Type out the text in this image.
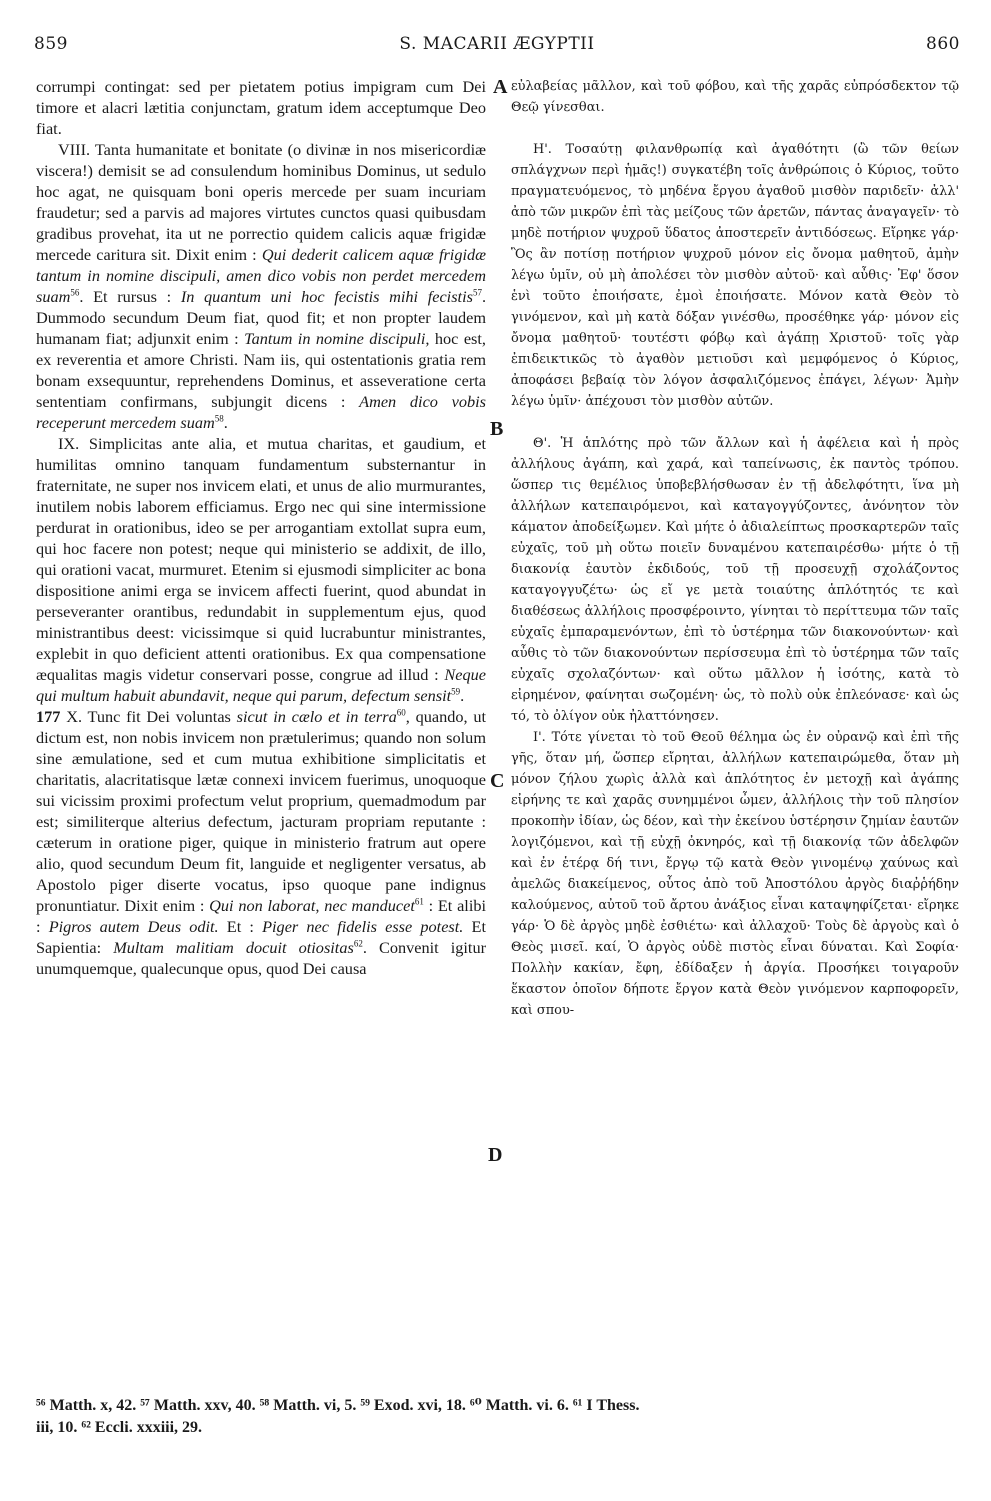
859	S. MACARII ÆGYPTII	860

corrumpi contingat: sed per pietatem potius impigram cum Dei timore et alacri lætitia conjunctam, gratum idem acceptumque Deo fiat.

VIII. Tanta humanitate et bonitate (o divinæ in nos misericordiæ viscera!) demisit se ad consulendum hominibus Dominus, ut sedulo hoc agat, ne quisquam boni operis mercede per suam incuriam fraudetur; sed a parvis ad majores virtutes cunctos quasi quibusdam gradibus provehat, ita ut ne porrectio quidem calicis aquæ frigidæ mercede caritura sit. Dixit enim : Qui dederit calicem aquæ frigidæ tantum in nomine discipuli, amen dico vobis non perdet mercedem suam$^{56}$. Et rursus : In quantum uni hoc fecistis mihi fecistis$^{57}$. Dummodo secundum Deum fiat, quod fit; et non propter laudem humanam fiat; adjunxit enim : Tantum in nomine discipuli, hoc est, ex reverentia et amore Christi. Nam iis, qui ostentationis gratia rem bonam exsequuntur, reprehendens Dominus, et asseveratione certa sententiam confirmans, subjungit dicens : Amen dico vobis receperunt mercedem suam$^{58}$.

IX. Simplicitas ante alia, et mutua charitas, et gaudium, et humilitas omnino tanquam fundamentum substernantur in fraternitate, ne super nos invicem elati, et unus de alio murmurantes, inutilem nobis laborem efficiamus. Ergo nec qui sine intermissione perdurat in orationibus, ideo se per arrogantiam extollat supra eum, qui hoc facere non potest; neque qui ministerio se addixit, de illo, qui orationi vacat, murmuret. Etenim si ejusmodi simpliciter ac bona dispositione animi erga se invicem affecti fuerint, quod abundat in perseveranter orantibus, redundabit in supplementum ejus, quod ministrantibus deest: vicissimque si quid lucrabuntur ministrantes, explebit in quo deficient attenti orationibus. Ex qua compensatione æqualitas magis videtur conservari posse, congrue ad illud : Neque qui multum habuit abundavit, neque qui parum, defectum sensit$^{59}$.

177 X. Tunc fit Dei voluntas sicut in cælo et in terra$^{60}$, quando, ut dictum est, non nobis invicem non prætulerimus; quando non solum sine æmulatione, sed et cum mutua exhibitione simplicitatis et charitatis, alacritatisque lætæ connexi invicem fuerimus, unoquoque sui vicissim proximi profectum velut proprium, quemadmodum par est; similiterque alterius defectum, jacturam propriam reputante : cæterum in oratione piger, quique in ministerio fratrum aut opere alio, quod secundum Deum fit, languide et negligenter versatus, ab Apostolo piger diserte vocatus, ipso quoque pane indignus pronuntiatur. Dixit enim : Qui non laborat, nec manducet$^{61}$ : Et alibi : Pigros autem Deus odit. Et : Piger nec fidelis esse potest. Et Sapientia: Multam malitiam docuit otiositas$^{62}$. Convenit igitur unumquemque, qualecunque opus, quod Dei causa

A
B
C
D

εὐλαβείας μᾶλλον, καὶ τοῦ φόβου, καὶ τῆς χαρᾶς εὐπρόσδεκτον τῷ Θεῷ γίνεσθαι.

Η'. Τοσαύτῃ φιλανθρωπίᾳ καὶ ἀγαθότητι (ὢ τῶν θείων σπλάγχνων περὶ ἡμᾶς!) συγκατέβη τοῖς ἀνθρώποις ὁ Κύριος, τοῦτο πραγματευόμενος, τὸ μηδένα ἔργου ἀγαθοῦ μισθὸν παριδεῖν· ἀλλ' ἀπὸ τῶν μικρῶν ἐπὶ τὰς μείζους τῶν ἀρετῶν, πάντας ἀναγαγεῖν· τὸ μηδὲ ποτήριον ψυχροῦ ὕδατος ἀποστερεῖν ἀντιδόσεως. Εἴρηκε γάρ· Ὃς ἂν ποτίσῃ ποτήριον ψυχροῦ μόνον εἰς ὄνομα μαθητοῦ, ἀμὴν λέγω ὑμῖν, οὐ μὴ ἀπολέσει τὸν μισθὸν αὐτοῦ· καὶ αὖθις· Ἐφ' ὅσον ἑνὶ τοῦτο ἐποιήσατε, ἐμοὶ ἐποιήσατε. Μόνον κατὰ Θεὸν τὸ γινόμενον, καὶ μὴ κατὰ δόξαν γινέσθω, προσέθηκε γάρ· μόνον εἰς ὄνομα μαθητοῦ· τουτέστι φόβῳ καὶ ἀγάπῃ Χριστοῦ· τοῖς γὰρ ἐπιδεικτικῶς τὸ ἀγαθὸν μετιοῦσι καὶ μεμφόμενος ὁ Κύριος, ἀποφάσει βεβαίᾳ τὸν λόγον ἀσφαλιζόμενος ἐπάγει, λέγων· Ἀμὴν λέγω ὑμῖν· ἀπέχουσι τὸν μισθὸν αὐτῶν.

Θ'. Ἡ ἁπλότης πρὸ τῶν ἄλλων καὶ ἡ ἀφέλεια καὶ ἡ πρὸς ἀλλήλους ἀγάπη, καὶ χαρά, καὶ ταπείνωσις, ἐκ παντὸς τρόπου. ὥσπερ τις θεμέλιος ὑποβεβλήσθωσαν ἐν τῇ ἀδελφότητι, ἵνα μὴ ἀλλήλων κατεπαιρόμενοι, καὶ καταγογγύζοντες, ἀνόνητον τὸν κάματον ἀποδείξωμεν. Καὶ μήτε ὁ ἀδιαλείπτως προσκαρτερῶν ταῖς εὐχαῖς, τοῦ μὴ οὕτω ποιεῖν δυναμένου κατεπαιρέσθω· μήτε ὁ τῇ διακονίᾳ ἑαυτὸν ἐκδιδούς, τοῦ τῇ προσευχῇ σχολάζοντος καταγογγυζέτω· ὡς εἴ γε μετὰ τοιαύτης ἁπλότητός τε καὶ διαθέσεως ἀλλήλοις προσφέροιντο, γίνηται τὸ περίττευμα τῶν ταῖς εὐχαῖς ἐμπαραμενόντων, ἐπὶ τὸ ὑστέρημα τῶν διακονούντων· καὶ αὖθις τὸ τῶν διακονούντων περίσσευμα ἐπὶ τὸ ὑστέρημα τῶν ταῖς εὐχαῖς σχολαζόντων· καὶ οὕτω μᾶλλον ἡ ἰσότης, κατὰ τὸ εἰρημένον, φαίνηται σωζομένη· ὡς, τὸ πολὺ οὐκ ἐπλεόνασε· καὶ ὡς τό, τὸ ὀλίγον οὐκ ἠλαττόνησεν.

Ι'. Τότε γίνεται τὸ τοῦ Θεοῦ θέλημα ὡς ἐν οὐρανῷ καὶ ἐπὶ τῆς γῆς, ὅταν μή, ὥσπερ εἴρηται, ἀλλήλων κατεπαιρώμεθα, ὅταν μὴ μόνον ζήλου χωρὶς ἀλλὰ καὶ ἁπλότητος ἐν μετοχῇ καὶ ἀγάπης εἰρήνης τε καὶ χαρᾶς συνημμένοι ὦμεν, ἀλλήλοις τὴν τοῦ πλησίον προκοπὴν ἰδίαν, ὡς δέον, καὶ τὴν ἐκείνου ὑστέρησιν ζημίαν ἑαυτῶν λογιζόμενοι, καὶ τῇ εὐχῇ ὀκνηρός, καὶ τῇ διακονίᾳ τῶν ἀδελφῶν καὶ ἐν ἑτέρᾳ δή τινι, ἔργῳ τῷ κατὰ Θεὸν γινομένῳ χαύνως καὶ ἀμελῶς διακείμενος, οὗτος ἀπὸ τοῦ Ἀποστόλου ἀργὸς διαῤῥήδην καλούμενος, αὐτοῦ τοῦ ἄρτου ἀνάξιος εἶναι καταψηφίζεται· εἴρηκε γάρ· Ὁ δὲ ἀργὸς μηδὲ ἐσθιέτω· καὶ ἀλλαχοῦ· Τοὺς δὲ ἀργοὺς καὶ ὁ Θεὸς μισεῖ. καί, Ὁ ἀργὸς οὐδὲ πιστὸς εἶναι δύναται. Καὶ Σοφία· Πολλὴν κακίαν, ἔφη, ἐδίδαξεν ἡ ἀργία. Προσήκει τοιγαροῦν ἕκαστον ὁποῖον δήποτε ἔργον κατὰ Θεὸν γινόμενον καρποφορεῖν, καὶ σπου-

⁵⁶ Matth. x, 42. ⁵⁷ Matth. xxv, 40. ⁵⁸ Matth. vi, 5. ⁵⁹ Exod. xvi, 18. ⁶⁰ Matth. vi. 6. ⁶¹ I Thess.
iii, 10. ⁶² Eccli. xxxiii, 29.
